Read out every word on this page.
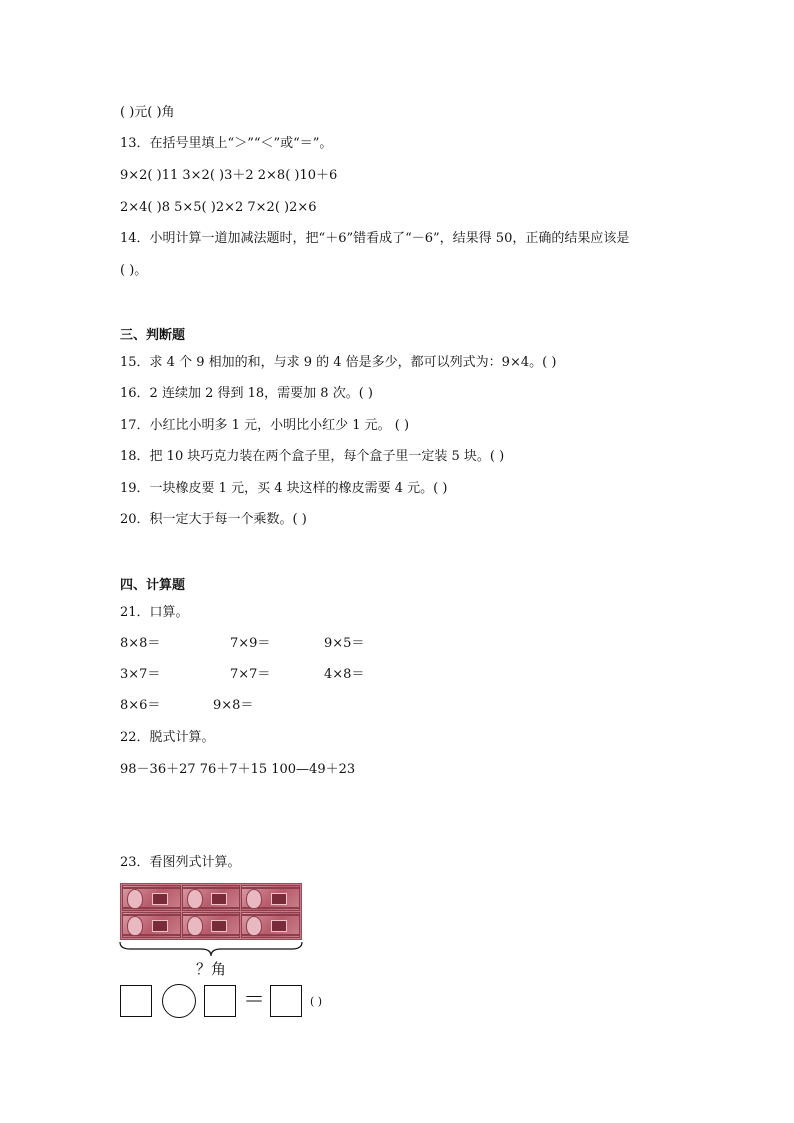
( )元( )角
13．在括号里填上“＞”“＜”或“＝”。
9×2( )11 3×2( )3＋2 2×8( )10＋6
2×4( )8 5×5( )2×2 7×2( )2×6
14．小明计算一道加减法题时，把“＋6”错看成了“－6”，结果得 50，正确的结果应该是
( )。
三、判断题
15．求 4 个 9 相加的和，与求 9 的 4 倍是多少，都可以列式为：9×4。( )
16．2 连续加 2 得到 18，需要加 8 次。( )
17．小红比小明多 1 元，小明比小红少 1 元。 ( )
18．把 10 块巧克力装在两个盒子里，每个盒子里一定装 5 块。( )
19．一块橡皮要 1 元，买 4 块这样的橡皮需要 4 元。( )
20．积一定大于每一个乘数。( )
四、计算题
21．口算。
8×8＝	7×9＝	9×5＝
3×7＝	7×7＝	4×8＝
8×6＝	9×8＝
22．脱式计算。
98－36＋27 76＋7＋15 100—49＋23
23．看图列式计算。
？角
＝	( )
